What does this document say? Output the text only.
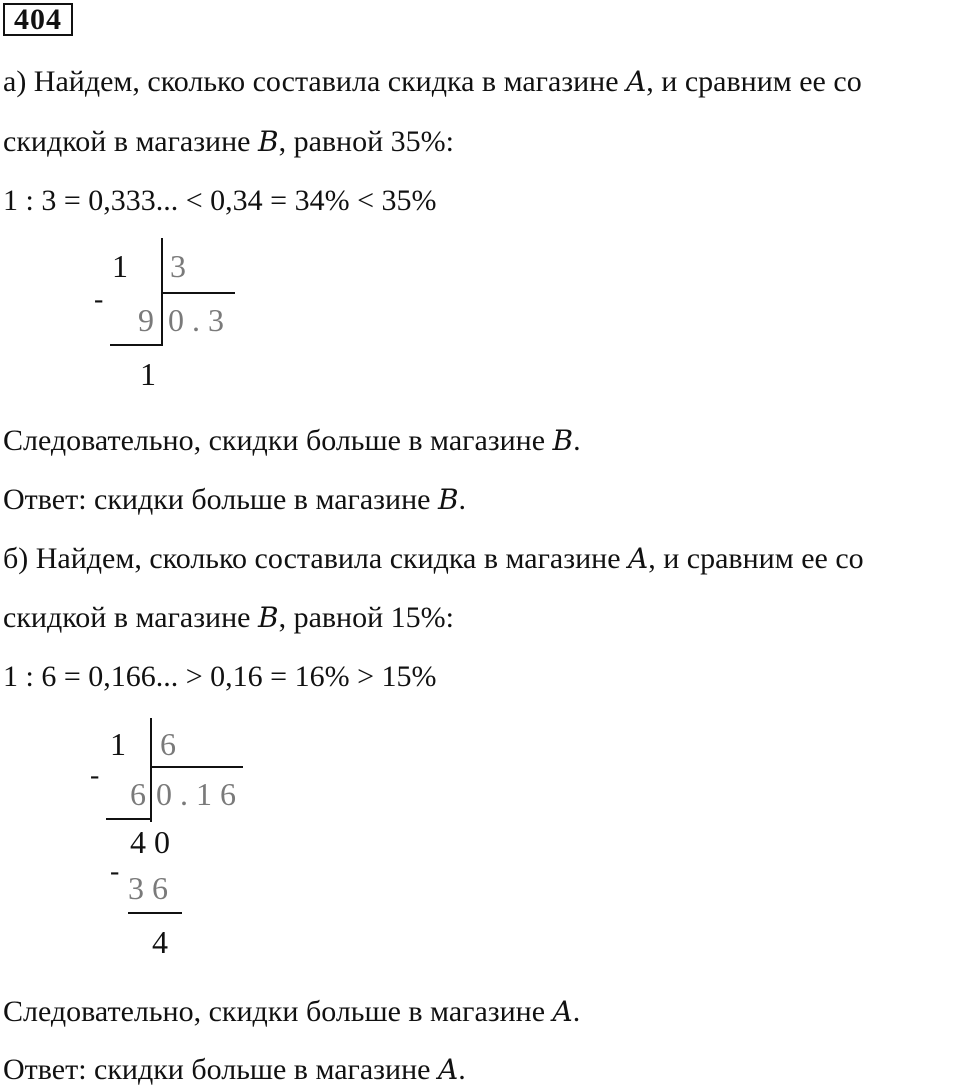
404
а) Найдем, сколько составила скидка в магазине A, и сравним ее со
скидкой в магазине B, равной 35%:
1 : 3 = 0,333... < 0,34 = 34% < 35%
1 3
-
9 0 . 3
1
Следовательно, скидки больше в магазине B.
Ответ: скидки больше в магазине B.
б) Найдем, сколько составила скидка в магазине A, и сравним ее со
скидкой в магазине B, равной 15%:
1 : 6 = 0,166... > 0,16 = 16% > 15%
1 6
-
6 0 . 1 6
4 0
- 3 6
4
Следовательно, скидки больше в магазине A.
Ответ: скидки больше в магазине A.
